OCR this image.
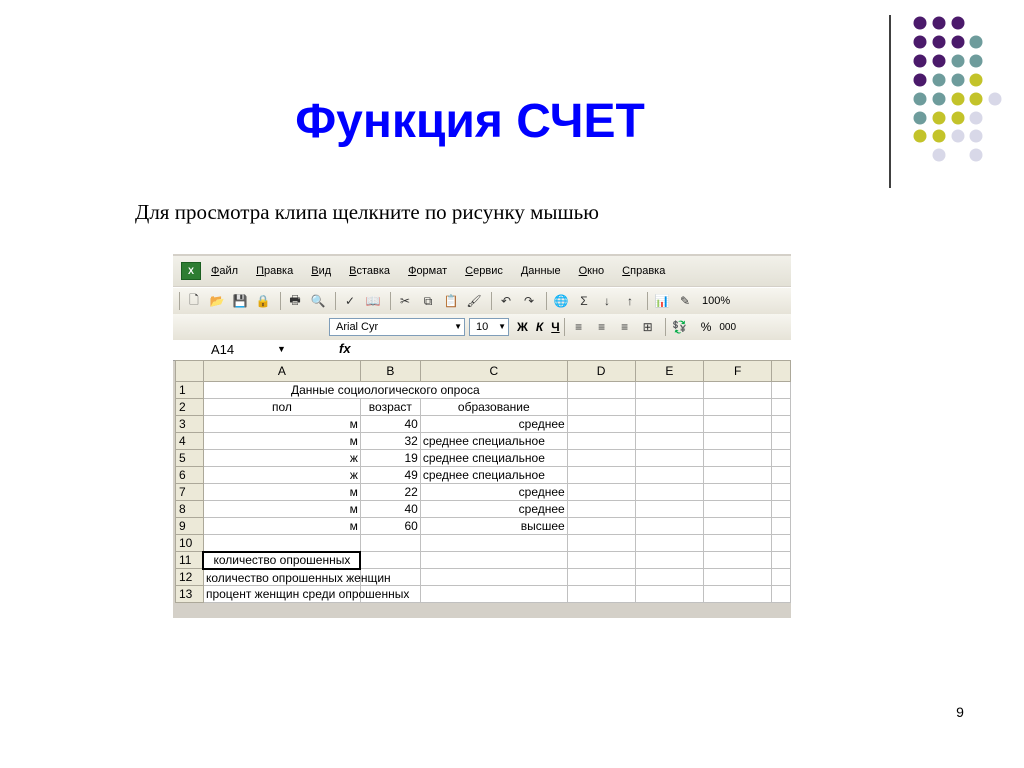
Функция СЧЕТ
Для просмотра клипа щелкните по рисунку мышью
X	Файл Правка Вид Вставка Формат Сервис Данные Окно Справка
🗋 📂 💾 🔒	🖶 🔍	✓ 📖	✂	⧉ 📋 🖌	↶	↷	🌐 Σ	↓	↑	📊 ✎	100%
Arial Cyr	▼ 10 ▼ Ж К Ч	≡	≡	≡	⊞	💱 % 000
A14	▼	fx
	A	B	C	D	E	F	
1	Данные социологического опроса						
2	пол	возраст	образование				
3	м	40	среднее				
4	м	32	среднее специальное				
5	ж	19	среднее специальное				
6	ж	49	среднее специальное				
7	м	22	среднее				
8	м	40	среднее				
9	м	60	высшее				
10							
11	количество опрошенных						
12	количество опрошенных женщин						

13	процент женщин среди опрошенных						

9
